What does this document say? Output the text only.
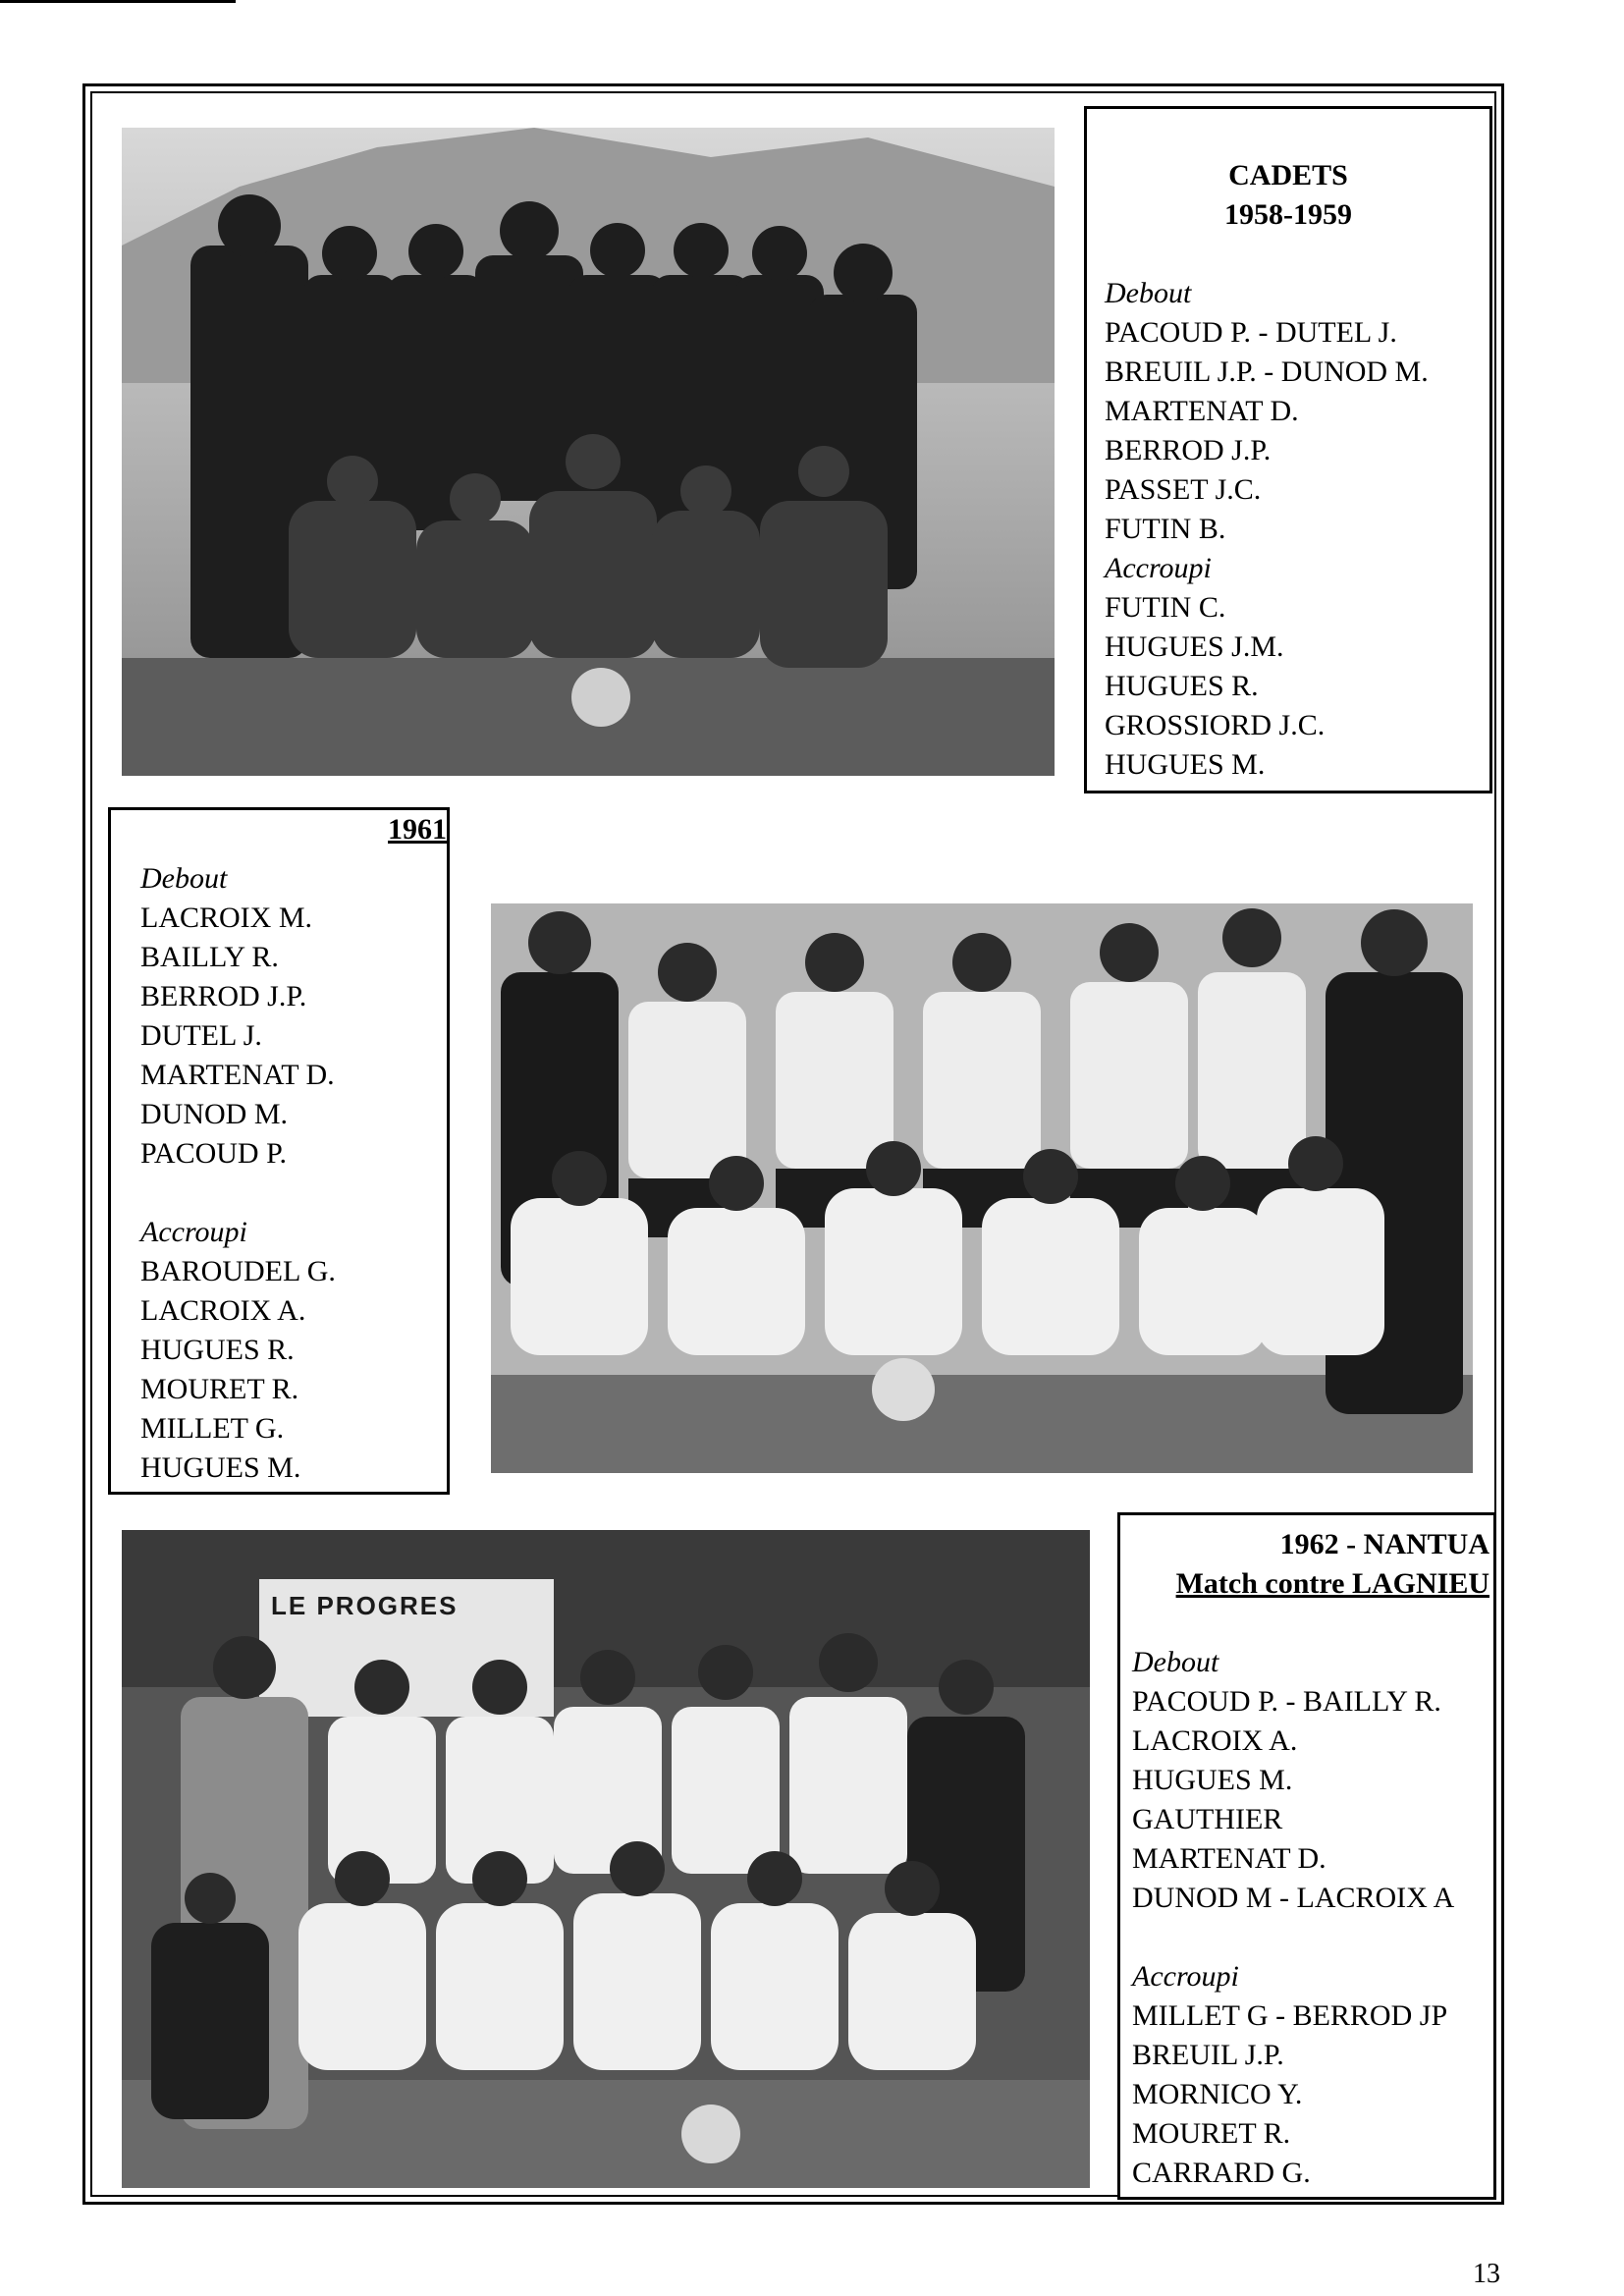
CADETS
1958-1959
Debout
PACOUD P. - DUTEL J.
BREUIL J.P. - DUNOD M.
MARTENAT D.
BERROD J.P.
PASSET J.C.
FUTIN B.
Accroupi
FUTIN C.
HUGUES J.M.
HUGUES R.
GROSSIORD J.C.
HUGUES M.
1961
Debout
LACROIX M.
BAILLY R.
BERROD J.P.
DUTEL J.
MARTENAT D.
DUNOD M.
PACOUD P.
Accroupi
BAROUDEL G.
LACROIX A.
HUGUES R.
MOURET R.
MILLET G.
HUGUES M.
LE PROGRES
1962 - NANTUA
Match contre LAGNIEU
Debout
PACOUD P. - BAILLY R.
LACROIX A.
HUGUES M.
GAUTHIER
MARTENAT D.
DUNOD M - LACROIX A
Accroupi
MILLET G - BERROD JP
BREUIL J.P.
MORNICO Y.
MOURET R.
CARRARD G.
13
